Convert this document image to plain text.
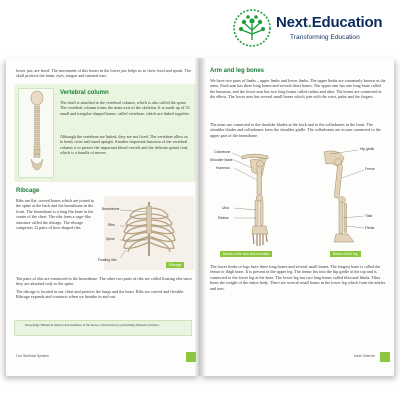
Next.Education
Transforming Education
lower jaw, are fixed. The movement of this bones in the lower jaw helps us to chew food and speak. The skull protects the brain, eyes, tongue and internal ears.
Vertebral column
The skull is attached to the vertebral column, which is also called the spine. The vertebral column forms the main axis of the skeleton. It is made up of 33 small and irregular-shaped bones, called vertebrae, which are linked together.
Although the vertebrae are linked, they are not fixed. The vertebrae allow us to bend, twist and stand upright. Another important function of the vertebral column is to protect the important blood vessels and the delicate spinal cord, which is a bundle of nerves.
Ribcage
Ribs are flat, curved bones which are joined to the spine at the back and the breastbone in the front. The breastbone is a long flat bone in the centre of the chest. The ribs form a cage-like structure called the ribcage. The ribcage comprises 12 pairs of bow-shaped ribs.
Breastbone
Ribs
Spine
Floating ribs
Ribcage
Ten pairs of ribs are connected to the breastbone. The other two pairs of ribs are called floating ribs since they are attached only to the spine.
The ribcage is located in our chest and protects the lungs and the heart. Ribs are curved and flexible. Ribcage expands and contracts when we breathe in and out.
Knowledge Hidden in Objects Ask members of the house to find bones by performing different activities.
Our Skeletal System
Arm and leg bones
We have two pairs of limbs – upper limbs and lower limbs. The upper limbs are commonly known as the arms. Each arm has three long bones and several short bones. The upper arm has one long bone called the humerus, and the lower arm has two long bones called radius and ulna. The bones are connected at the elbow. The lower arm has several small bones which join with the wrist, palm and the fingers.
The arms are connected to the shoulder blades at the back and to the collarbones in the front. The shoulder blades and collarbones form the shoulder girdle. The collarbones are in turn connected to the upper part of the breastbone.
Collarbone
Shoulder blade
Humerus
Ulna
Radius
Bones of the arm and shoulder
Hip girdle
Femur
Tibia
Fibula
Bones of the leg
The lower limbs or legs have three long bones and several small bones. The longest bone is called the femur or thigh bone. It is present in the upper leg. The femur fits into the hip girdle at the top and is connected to the lower leg at the knee. The lower leg has two long bones called tibia and fibula. Tibia bears the weight of the entire body. There are several small bones in the lower leg which form the ankles and toes.
Next Science
